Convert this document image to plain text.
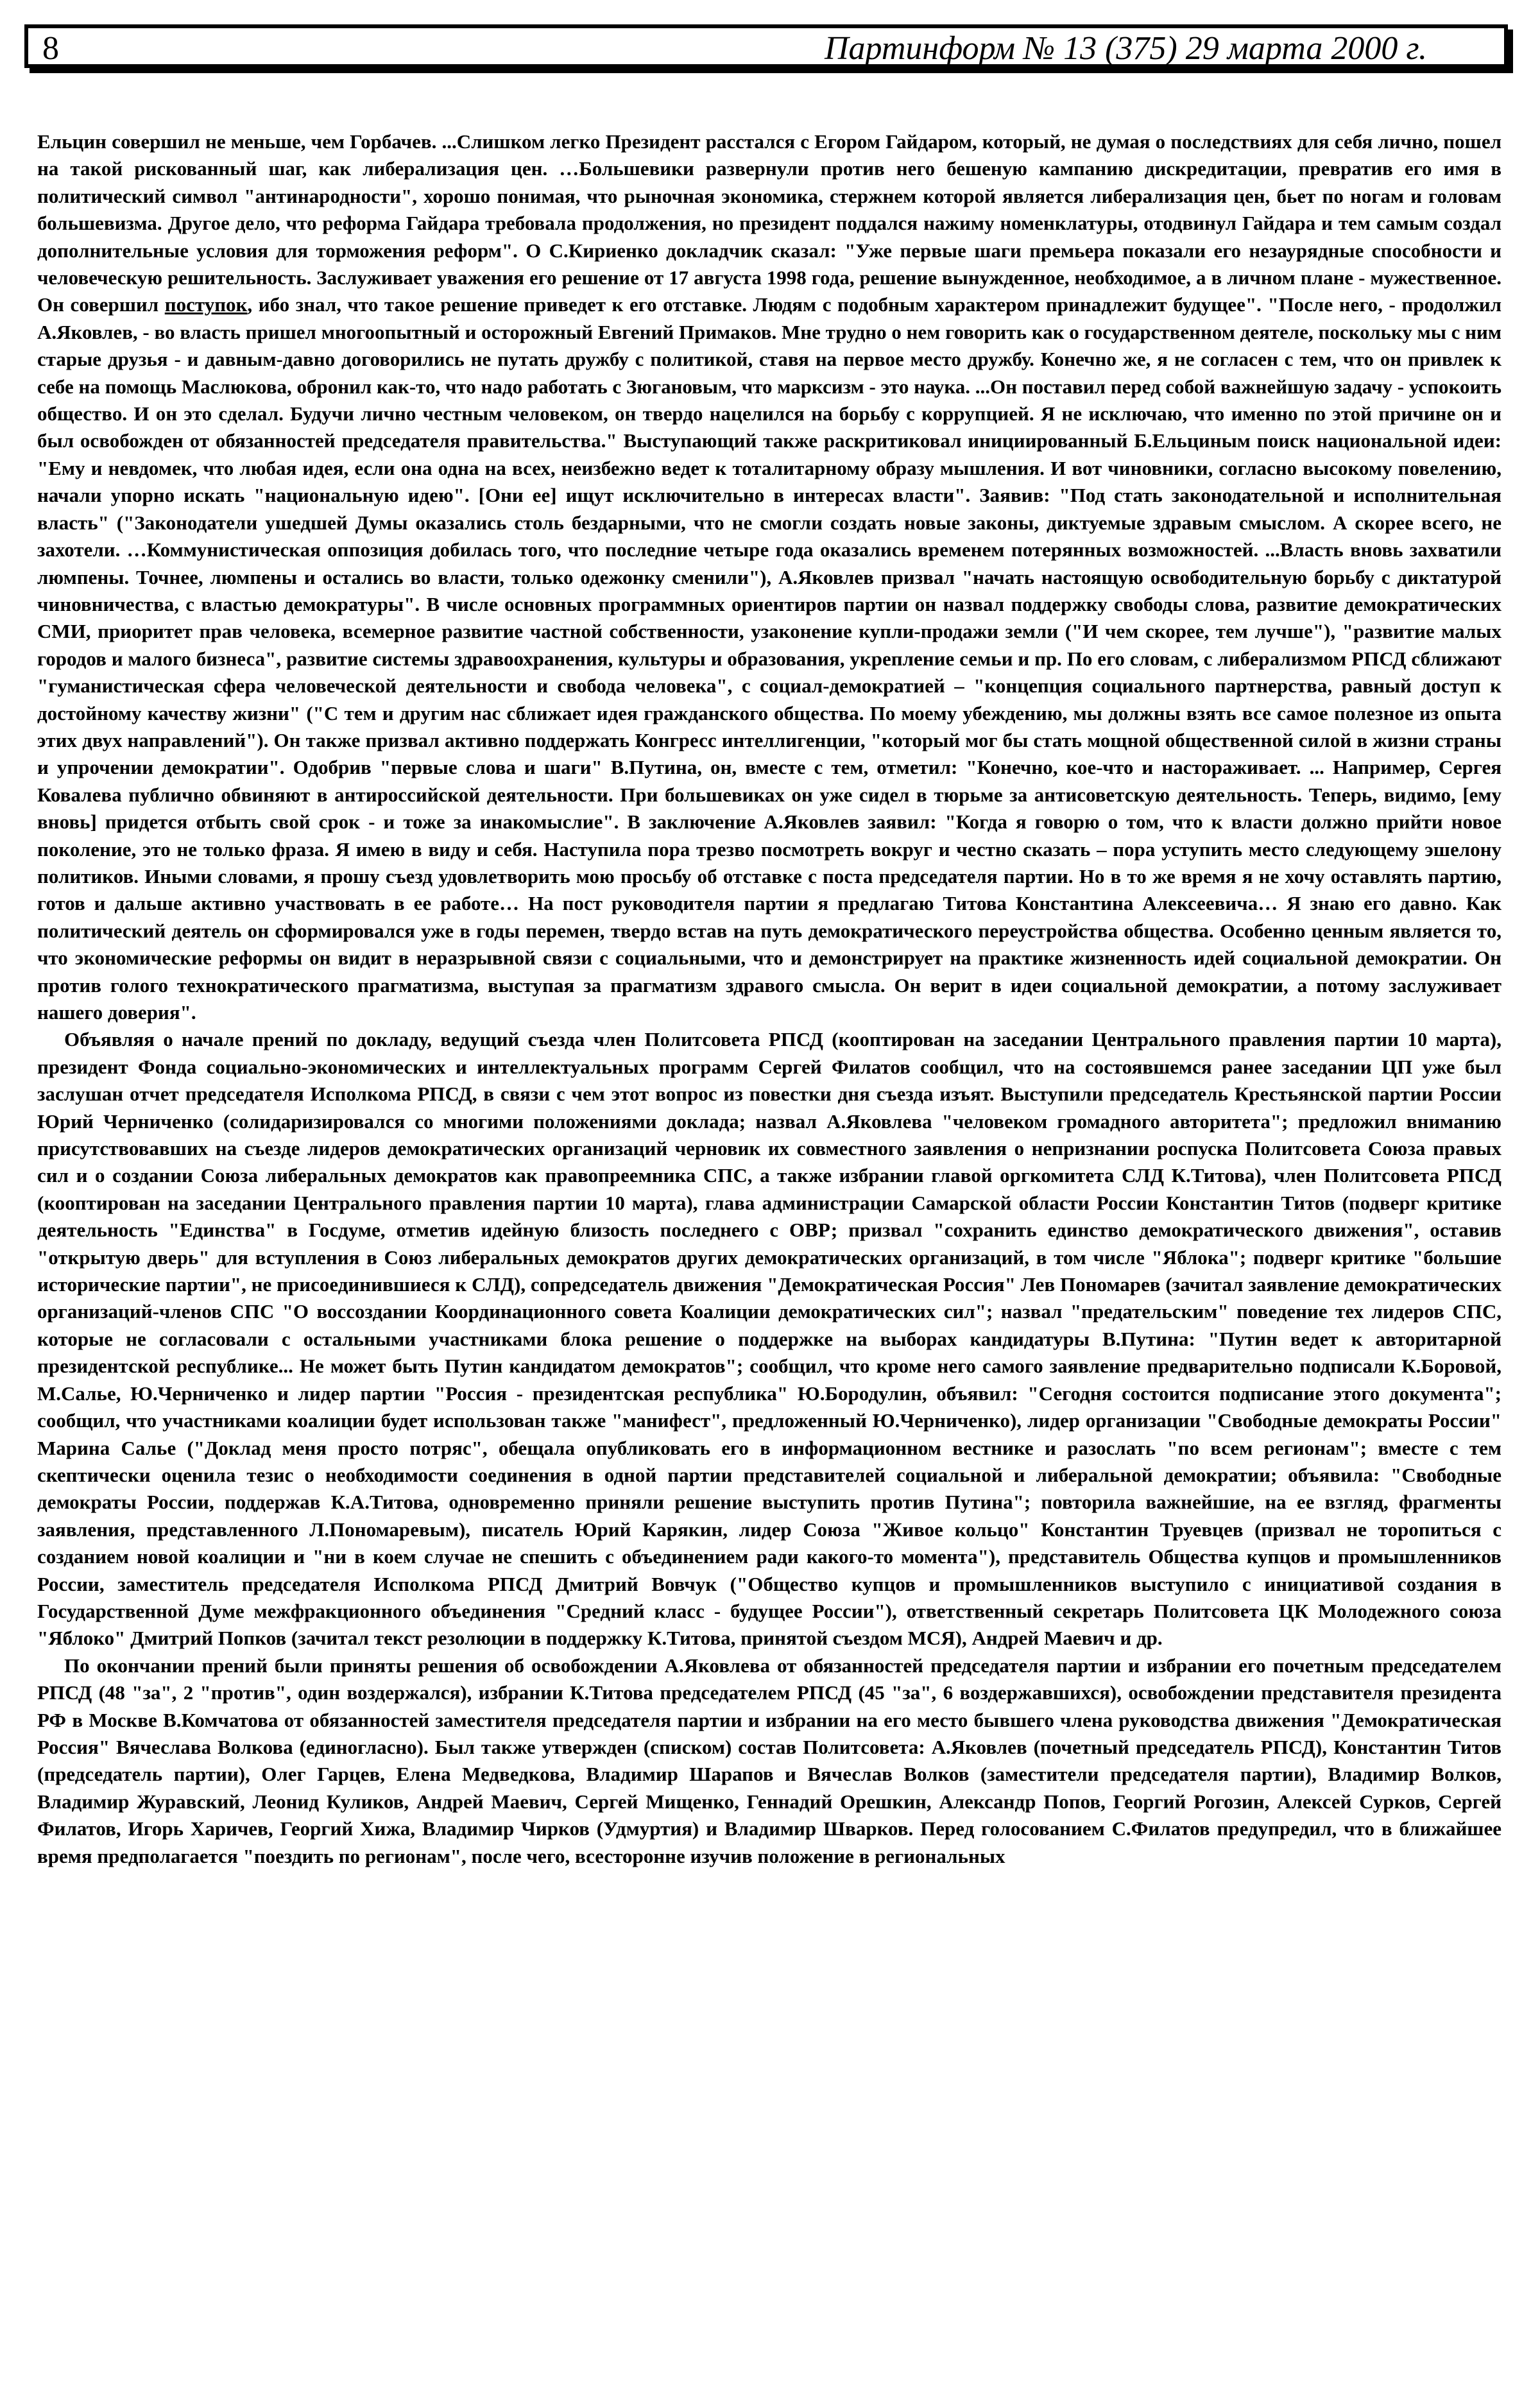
8	Партинформ № 13 (375) 29 марта 2000 г.

Ельцин совершил не меньше, чем Горбачев. ...Слишком легко Президент расстался с Егором Гайдаром, который, не думая о последствиях для себя лично, пошел на такой рискованный шаг, как либерализация цен. …Большевики развернули против него бешеную кампанию дискредитации, превратив его имя в политический символ "антинародности", хорошо понимая, что рыночная экономика, стержнем которой является либерализация цен, бьет по ногам и головам большевизма. Другое дело, что реформа Гайдара требовала продолжения, но президент поддался нажиму номенклатуры, отодвинул Гайдара и тем самым создал дополнительные условия для торможения реформ". О С.Кириенко докладчик сказал: "Уже первые шаги премьера показали его незаурядные способности и человеческую решительность. Заслуживает уважения его решение от 17 августа 1998 года, решение вынужденное, необходимое, а в личном плане - мужественное. Он совершил поступок, ибо знал, что такое решение приведет к его отставке. Людям с подобным характером принадлежит будущее". "После него, - продолжил А.Яковлев, - во власть пришел многоопытный и осторожный Евгений Примаков. Мне трудно о нем говорить как о государственном деятеле, поскольку мы с ним старые друзья - и давным-давно договорились не путать дружбу с политикой, ставя на первое место дружбу. Конечно же, я не согласен с тем, что он привлек к себе на помощь Маслюкова, обронил как-то, что надо работать с Зюгановым, что марксизм - это наука. ...Он поставил перед собой важнейшую задачу - успокоить общество. И он это сделал. Будучи лично честным человеком, он твердо нацелился на борьбу с коррупцией. Я не исключаю, что именно по этой причине он и был освобожден от обязанностей председателя правительства." Выступающий также раскритиковал инициированный Б.Ельциным поиск национальной идеи: "Ему и невдомек, что любая идея, если она одна на всех, неизбежно ведет к тоталитарному образу мышления. И вот чиновники, согласно высокому повелению, начали упорно искать "национальную идею". [Они ее] ищут исключительно в интересах власти". Заявив: "Под стать законодательной и исполнительная власть" ("Законодатели ушедшей Думы оказались столь бездарными, что не смогли создать новые законы, диктуемые здравым смыслом. А скорее всего, не захотели. …Коммунистическая оппозиция добилась того, что последние четыре года оказались временем потерянных возможностей. ...Власть вновь захватили люмпены. Точнее, люмпены и остались во власти, только одежонку сменили"), А.Яковлев призвал "начать настоящую освободительную борьбу с диктатурой чиновничества, с властью демократуры". В числе основных программных ориентиров партии он назвал поддержку свободы слова, развитие демократических СМИ, приоритет прав человека, всемерное развитие частной собственности, узаконение купли-продажи земли ("И чем скорее, тем лучше"), "развитие малых городов и малого бизнеса", развитие системы здравоохранения, культуры и образования, укрепление семьи и пр. По его словам, с либерализмом РПСД сближают "гуманистическая сфера человеческой деятельности и свобода человека", с социал-демократией – "концепция социального партнерства, равный доступ к достойному качеству жизни" ("С тем и другим нас сближает идея гражданского общества. По моему убеждению, мы должны взять все самое полезное из опыта этих двух направлений"). Он также призвал активно поддержать Конгресс интеллигенции, "который мог бы стать мощной общественной силой в жизни страны и упрочении демократии". Одобрив "первые слова и шаги" В.Путина, он, вместе с тем, отметил: "Конечно, кое-что и настораживает. ... Например, Сергея Ковалева публично обвиняют в антироссийской деятельности. При большевиках он уже сидел в тюрьме за антисоветскую деятельность. Теперь, видимо, [ему вновь] придется отбыть свой срок - и тоже за инакомыслие". В заключение А.Яковлев заявил: "Когда я говорю о том, что к власти должно прийти новое поколение, это не только фраза. Я имею в виду и себя. Наступила пора трезво посмотреть вокруг и честно сказать – пора уступить место следующему эшелону политиков. Иными словами, я прошу съезд удовлетворить мою просьбу об отставке с поста председателя партии. Но в то же время я не хочу оставлять партию, готов и дальше активно участвовать в ее работе… На пост руководителя партии я предлагаю Титова Константина Алексеевича… Я знаю его давно. Как политический деятель он сформировался уже в годы перемен, твердо встав на путь демократического переустройства общества. Особенно ценным является то, что экономические реформы он видит в неразрывной связи с социальными, что и демонстрирует на практике жизненность идей социальной демократии. Он против голого технократического прагматизма, выступая за прагматизм здравого смысла. Он верит в идеи социальной демократии, а потому заслуживает нашего доверия".

Объявляя о начале прений по докладу, ведущий съезда член Политсовета РПСД (кооптирован на заседании Центрального правления партии 10 марта), президент Фонда социально-экономических и интеллектуальных программ Сергей Филатов сообщил, что на состоявшемся ранее заседании ЦП уже был заслушан отчет председателя Исполкома РПСД, в связи с чем этот вопрос из повестки дня съезда изъят. Выступили председатель Крестьянской партии России Юрий Черниченко (солидаризировался со многими положениями доклада; назвал А.Яковлева "человеком громадного авторитета"; предложил вниманию присутствовавших на съезде лидеров демократических организаций черновик их совместного заявления о непризнании роспуска Политсовета Союза правых сил и о создании Союза либеральных демократов как правопреемника СПС, а также избрании главой оргкомитета СЛД К.Титова), член Политсовета РПСД (кооптирован на заседании Центрального правления партии 10 марта), глава администрации Самарской области России Константин Титов (подверг критике деятельность "Единства" в Госдуме, отметив идейную близость последнего с ОВР; призвал "сохранить единство демократического движения", оставив "открытую дверь" для вступления в Союз либеральных демократов других демократических организаций, в том числе "Яблока"; подверг критике "большие исторические партии", не присоединившиеся к СЛД), сопредседатель движения "Демократическая Россия" Лев Пономарев (зачитал заявление демократических организаций-членов СПС "О воссоздании Координационного совета Коалиции демократических сил"; назвал "предательским" поведение тех лидеров СПС, которые не согласовали с остальными участниками блока решение о поддержке на выборах кандидатуры В.Путина: "Путин ведет к авторитарной президентской республике... Не может быть Путин кандидатом демократов"; сообщил, что кроме него самого заявление предварительно подписали К.Боровой, М.Салье, Ю.Черниченко и лидер партии "Россия - президентская республика" Ю.Бородулин, объявил: "Сегодня состоится подписание этого документа"; сообщил, что участниками коалиции будет использован также "манифест", предложенный Ю.Черниченко), лидер организации "Свободные демократы России" Марина Салье ("Доклад меня просто потряс", обещала опубликовать его в информационном вестнике и разослать "по всем регионам"; вместе с тем скептически оценила тезис о необходимости соединения в одной партии представителей социальной и либеральной демократии; объявила: "Свободные демократы России, поддержав К.А.Титова, одновременно приняли решение выступить против Путина"; повторила важнейшие, на ее взгляд, фрагменты заявления, представленного Л.Пономаревым), писатель Юрий Карякин, лидер Союза "Живое кольцо" Константин Труевцев (призвал не торопиться с созданием новой коалиции и "ни в коем случае не спешить с объединением ради какого-то момента"), представитель Общества купцов и промышленников России, заместитель председателя Исполкома РПСД Дмитрий Вовчук ("Общество купцов и промышленников выступило с инициативой создания в Государственной Думе межфракционного объединения "Средний класс - будущее России"), ответственный секретарь Политсовета ЦК Молодежного союза "Яблоко" Дмитрий Попков (зачитал текст резолюции в поддержку К.Титова, принятой съездом МСЯ), Андрей Маевич и др.

По окончании прений были приняты решения об освобождении А.Яковлева от обязанностей председателя партии и избрании его почетным председателем РПСД (48 "за", 2 "против", один воздержался), избрании К.Титова председателем РПСД (45 "за", 6 воздержавшихся), освобождении представителя президента РФ в Москве В.Комчатова от обязанностей заместителя председателя партии и избрании на его место бывшего члена руководства движения "Демократическая Россия" Вячеслава Волкова (единогласно). Был также утвержден (списком) состав Политсовета: А.Яковлев (почетный председатель РПСД), Константин Титов (председатель партии), Олег Гарцев, Елена Медведкова, Владимир Шарапов и Вячеслав Волков (заместители председателя партии), Владимир Волков, Владимир Журавский, Леонид Куликов, Андрей Маевич, Сергей Мищенко, Геннадий Орешкин, Александр Попов, Георгий Рогозин, Алексей Сурков, Сергей Филатов, Игорь Харичев, Георгий Хижа, Владимир Чирков (Удмуртия) и Владимир Шварков. Перед голосованием С.Филатов предупредил, что в ближайшее время предполагается "поездить по регионам", после чего, всесторонне изучив положение в региональных
